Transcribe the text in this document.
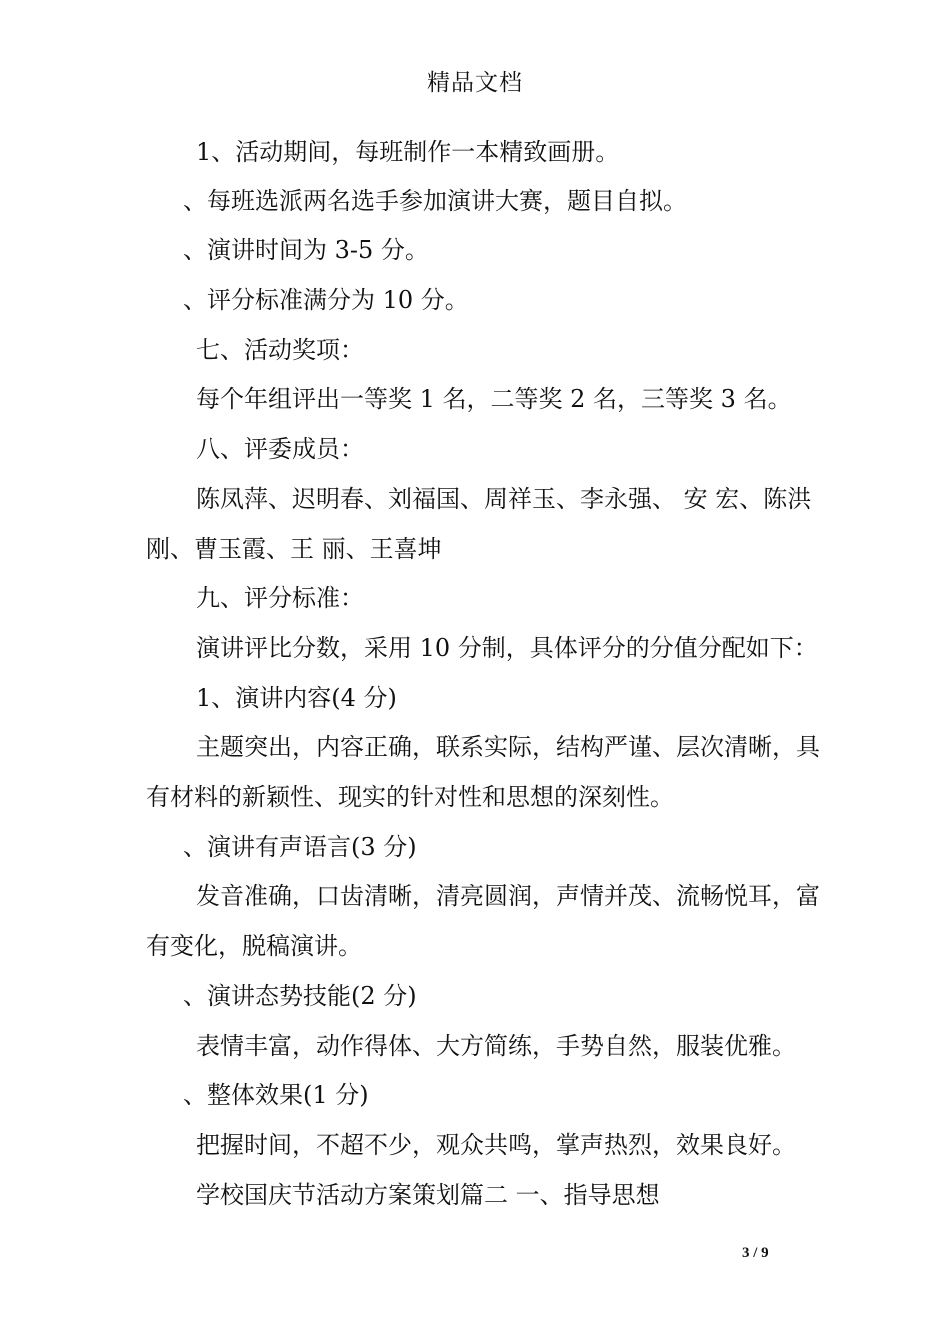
精品文档
1、活动期间，每班制作一本精致画册。
、每班选派两名选手参加演讲大赛，题目自拟。
、演讲时间为 3-5 分。
、评分标准满分为 10 分。
七、活动奖项：
每个年组评出一等奖 1 名，二等奖 2 名，三等奖 3 名。
八、评委成员：
陈凤萍、迟明春、刘福国、周祥玉、李永强、 安 宏、陈洪
刚、曹玉霞、王 丽、王喜坤
九、评分标准：
演讲评比分数，采用 10 分制，具体评分的分值分配如下：
1、演讲内容(4 分)
主题突出，内容正确，联系实际，结构严谨、层次清晰，具
有材料的新颖性、现实的针对性和思想的深刻性。
、演讲有声语言(3 分)
发音准确，口齿清晰，清亮圆润，声情并茂、流畅悦耳，富
有变化，脱稿演讲。
、演讲态势技能(2 分)
表情丰富，动作得体、大方简练，手势自然，服装优雅。
、整体效果(1 分)
把握时间，不超不少，观众共鸣，掌声热烈，效果良好。
学校国庆节活动方案策划篇二 一、指导思想
3 / 9
